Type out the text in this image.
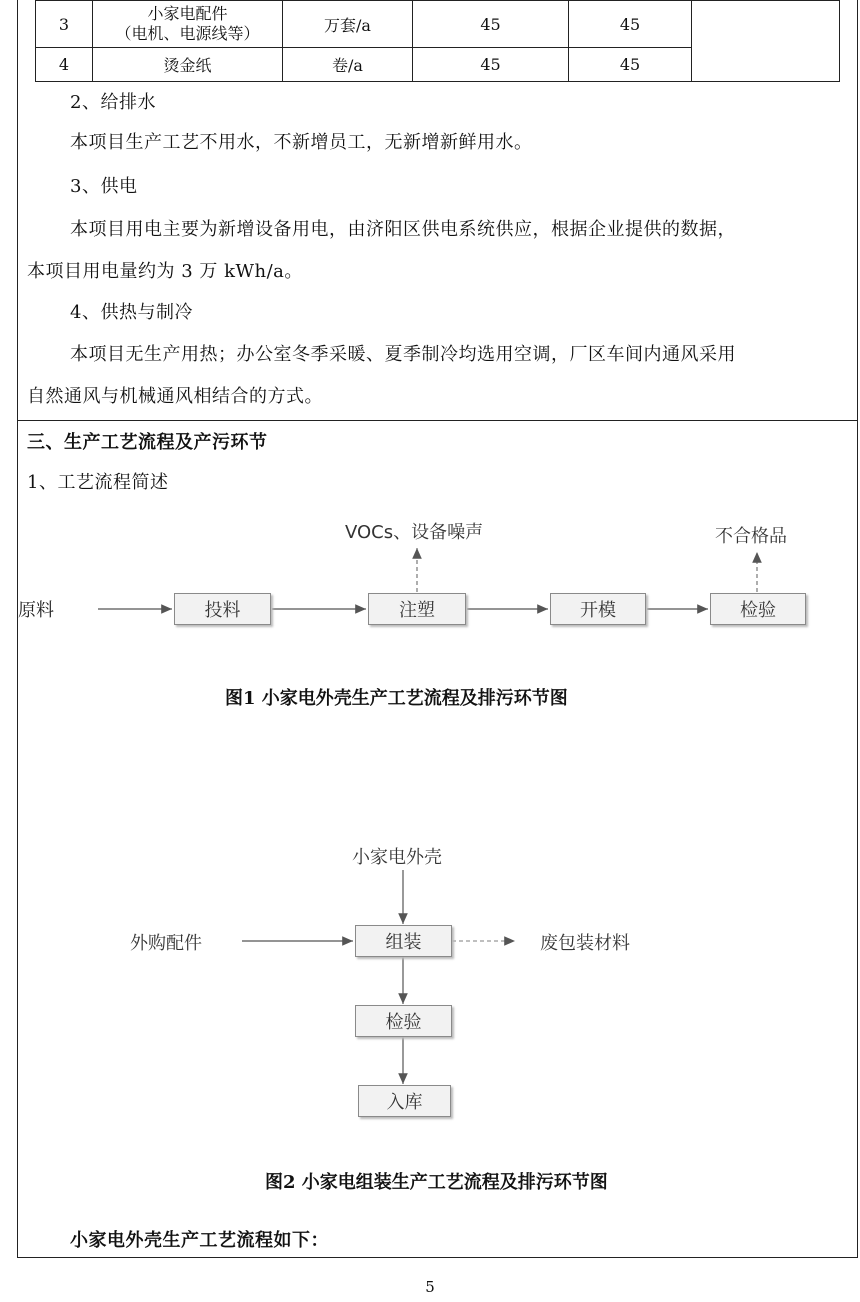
3	小家电配件
（电机、电源线等）	万套/a	45	45	
4	烫金纸	卷/a	45	45	
2、给排水
本项目生产工艺不用水，不新增员工，无新增新鲜用水。
3、供电
本项目用电主要为新增设备用电，由济阳区供电系统供应，根据企业提供的数据，
本项目用电量约为 3 万 kWh/a。
4、供热与制冷
本项目无生产用热；办公室冬季采暖、夏季制冷均选用空调，厂区车间内通风采用
自然通风与机械通风相结合的方式。
三、生产工艺流程及产污环节
1、工艺流程简述
原料	投料	注塑	开模	检验
VOCs、设备噪声	不合格品
图1 小家电外壳生产工艺流程及排污环节图
小家电外壳
外购配件	组装	废包装材料
检验
入库
图2 小家电组装生产工艺流程及排污环节图
小家电外壳生产工艺流程如下：
5
